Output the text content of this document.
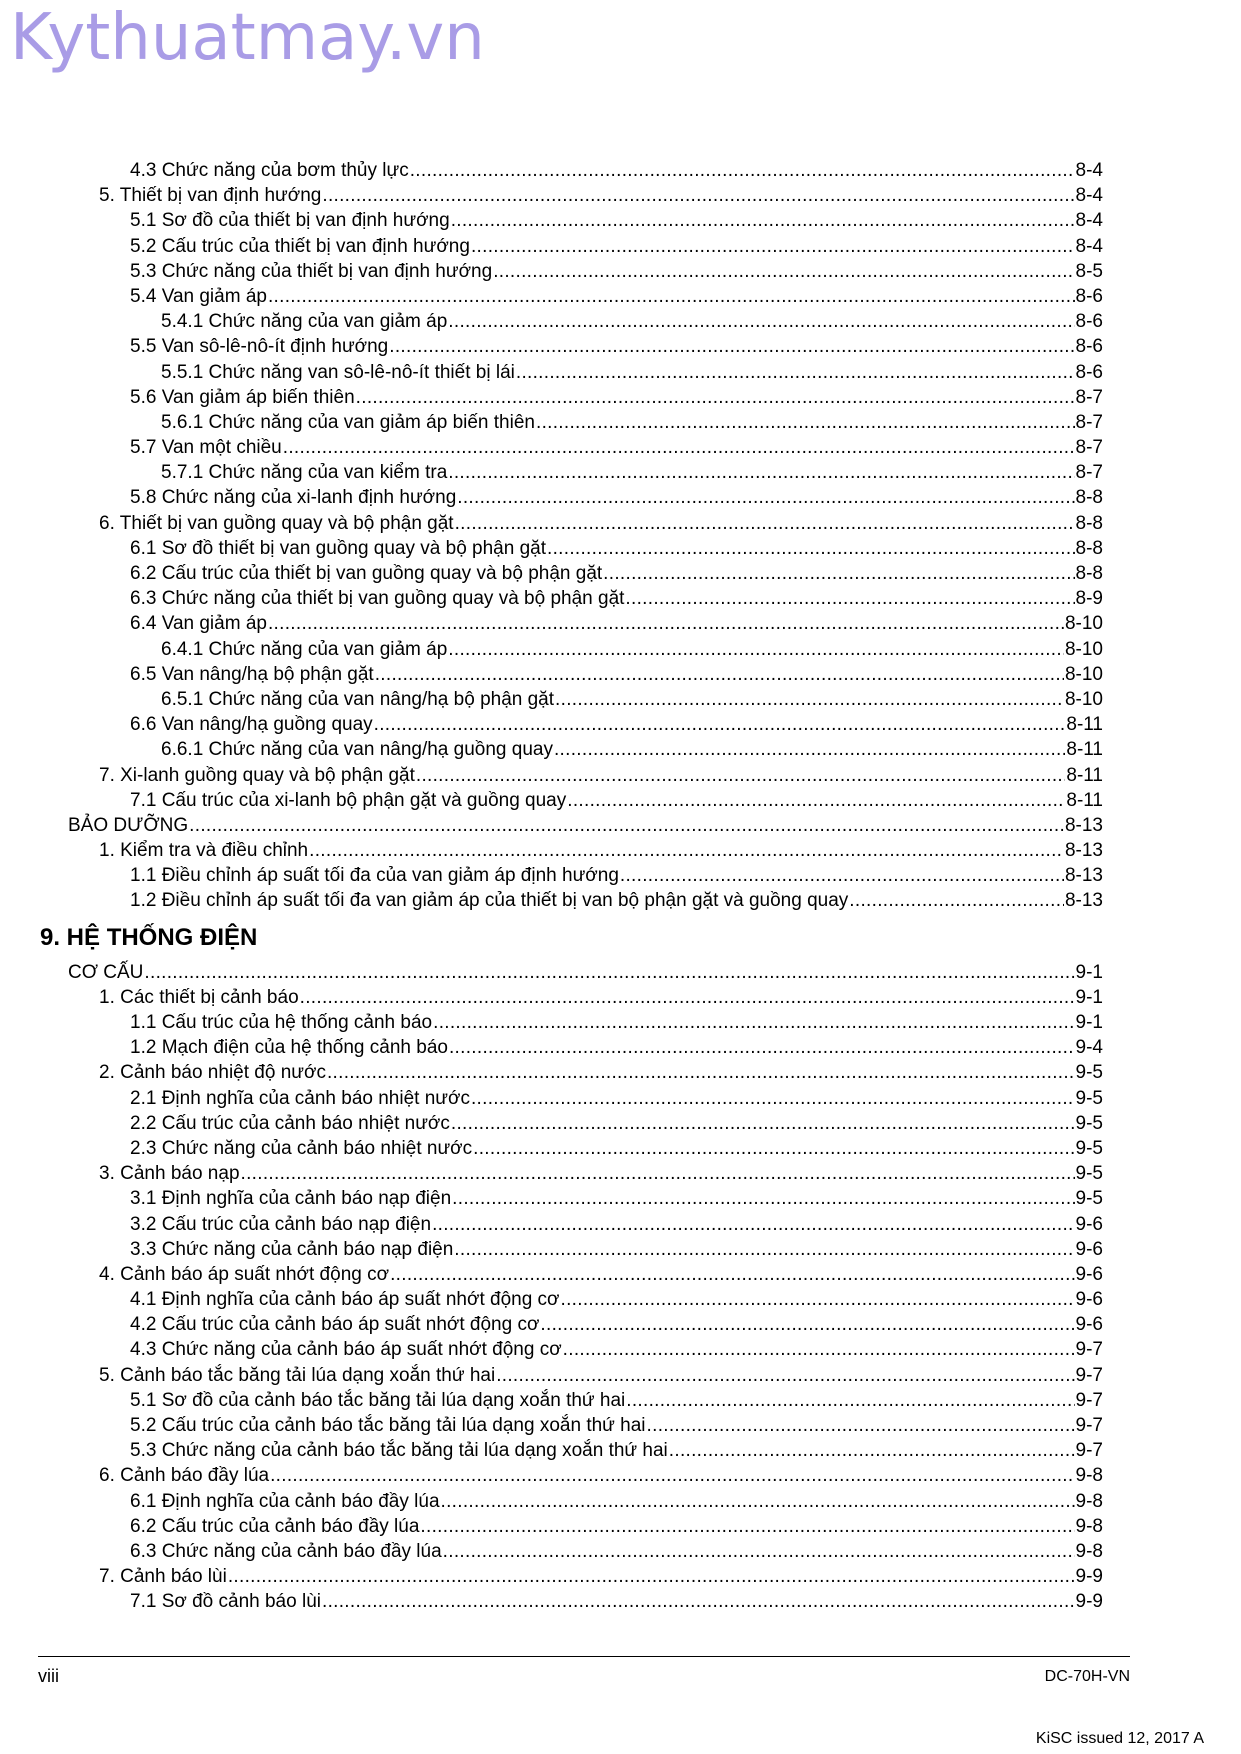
Kythuatmay.vn
4.3 Chức năng của bơm thủy lực .....	8-4
5. Thiết bị van định hướng .....	8-4
5.1 Sơ đồ của thiết bị van định hướng .....	8-4
5.2 Cấu trúc của thiết bị van định hướng .....	8-4
5.3 Chức năng của thiết bị van định hướng .....	8-5
5.4 Van giảm áp .....	8-6
5.4.1 Chức năng của van giảm áp .....	8-6
5.5 Van sô-lê-nô-ít định hướng .....	8-6
5.5.1 Chức năng van sô-lê-nô-ít thiết bị lái .....	8-6
5.6 Van giảm áp biến thiên .....	8-7
5.6.1 Chức năng của van giảm áp biến thiên .....	8-7
5.7 Van một chiều .....	8-7
5.7.1 Chức năng của van kiểm tra .....	8-7
5.8 Chức năng của xi-lanh định hướng .....	8-8
6. Thiết bị van guồng quay và bộ phận gặt .....	8-8
6.1 Sơ đồ thiết bị van guồng quay và bộ phận gặt .....	8-8
6.2 Cấu trúc của thiết bị van guồng quay và bộ phận gặt .....	8-8
6.3 Chức năng của thiết bị van guồng quay và bộ phận gặt .....	8-9
6.4 Van giảm áp .....	8-10
6.4.1 Chức năng của van giảm áp .....	8-10
6.5 Van nâng/hạ bộ phận gặt .....	8-10
6.5.1 Chức năng của van nâng/hạ bộ phận gặt .....	8-10
6.6 Van nâng/hạ guồng quay .....	8-11
6.6.1 Chức năng của van nâng/hạ guồng quay .....	8-11
7. Xi-lanh guồng quay và bộ phận gặt .....	8-11
7.1 Cấu trúc của xi-lanh bộ phận gặt và guồng quay .....	8-11
BẢO DƯỠNG .....	8-13
1. Kiểm tra và điều chỉnh .....	8-13
1.1 Điều chỉnh áp suất tối đa của van giảm áp định hướng .....	8-13
1.2 Điều chỉnh áp suất tối đa van giảm áp của thiết bị van bộ phận gặt và guồng quay .....	8-13
9. HỆ THỐNG ĐIỆN
CƠ CẤU .....	9-1
1. Các thiết bị cảnh báo .....	9-1
1.1 Cấu trúc của hệ thống cảnh báo .....	9-1
1.2 Mạch điện của hệ thống cảnh báo .....	9-4
2. Cảnh báo nhiệt độ nước .....	9-5
2.1 Định nghĩa của cảnh báo nhiệt nước .....	9-5
2.2 Cấu trúc của cảnh báo nhiệt nước .....	9-5
2.3 Chức năng của cảnh báo nhiệt nước .....	9-5
3. Cảnh báo nạp .....	9-5
3.1 Định nghĩa của cảnh báo nạp điện .....	9-5
3.2 Cấu trúc của cảnh báo nạp điện .....	9-6
3.3 Chức năng của cảnh báo nạp điện .....	9-6
4. Cảnh báo áp suất nhớt động cơ .....	9-6
4.1 Định nghĩa của cảnh báo áp suất nhớt động cơ .....	9-6
4.2 Cấu trúc của cảnh báo áp suất nhớt động cơ .....	9-6
4.3 Chức năng của cảnh báo áp suất nhớt động cơ .....	9-7
5. Cảnh báo tắc băng tải lúa dạng xoắn thứ hai .....	9-7
5.1 Sơ đồ của cảnh báo tắc băng tải lúa dạng xoắn thứ hai .....	9-7
5.2 Cấu trúc của cảnh báo tắc băng tải lúa dạng xoắn thứ hai .....	9-7
5.3 Chức năng của cảnh báo tắc băng tải lúa dạng xoắn thứ hai .....	9-7
6. Cảnh báo đầy lúa .....	9-8
6.1 Định nghĩa của cảnh báo đầy lúa .....	9-8
6.2 Cấu trúc của cảnh báo đầy lúa .....	9-8
6.3 Chức năng của cảnh báo đầy lúa .....	9-8
7. Cảnh báo lùi .....	9-9
7.1 Sơ đồ cảnh báo lùi .....	9-9
viii	DC-70H-VN
KiSC issued 12, 2017 A
